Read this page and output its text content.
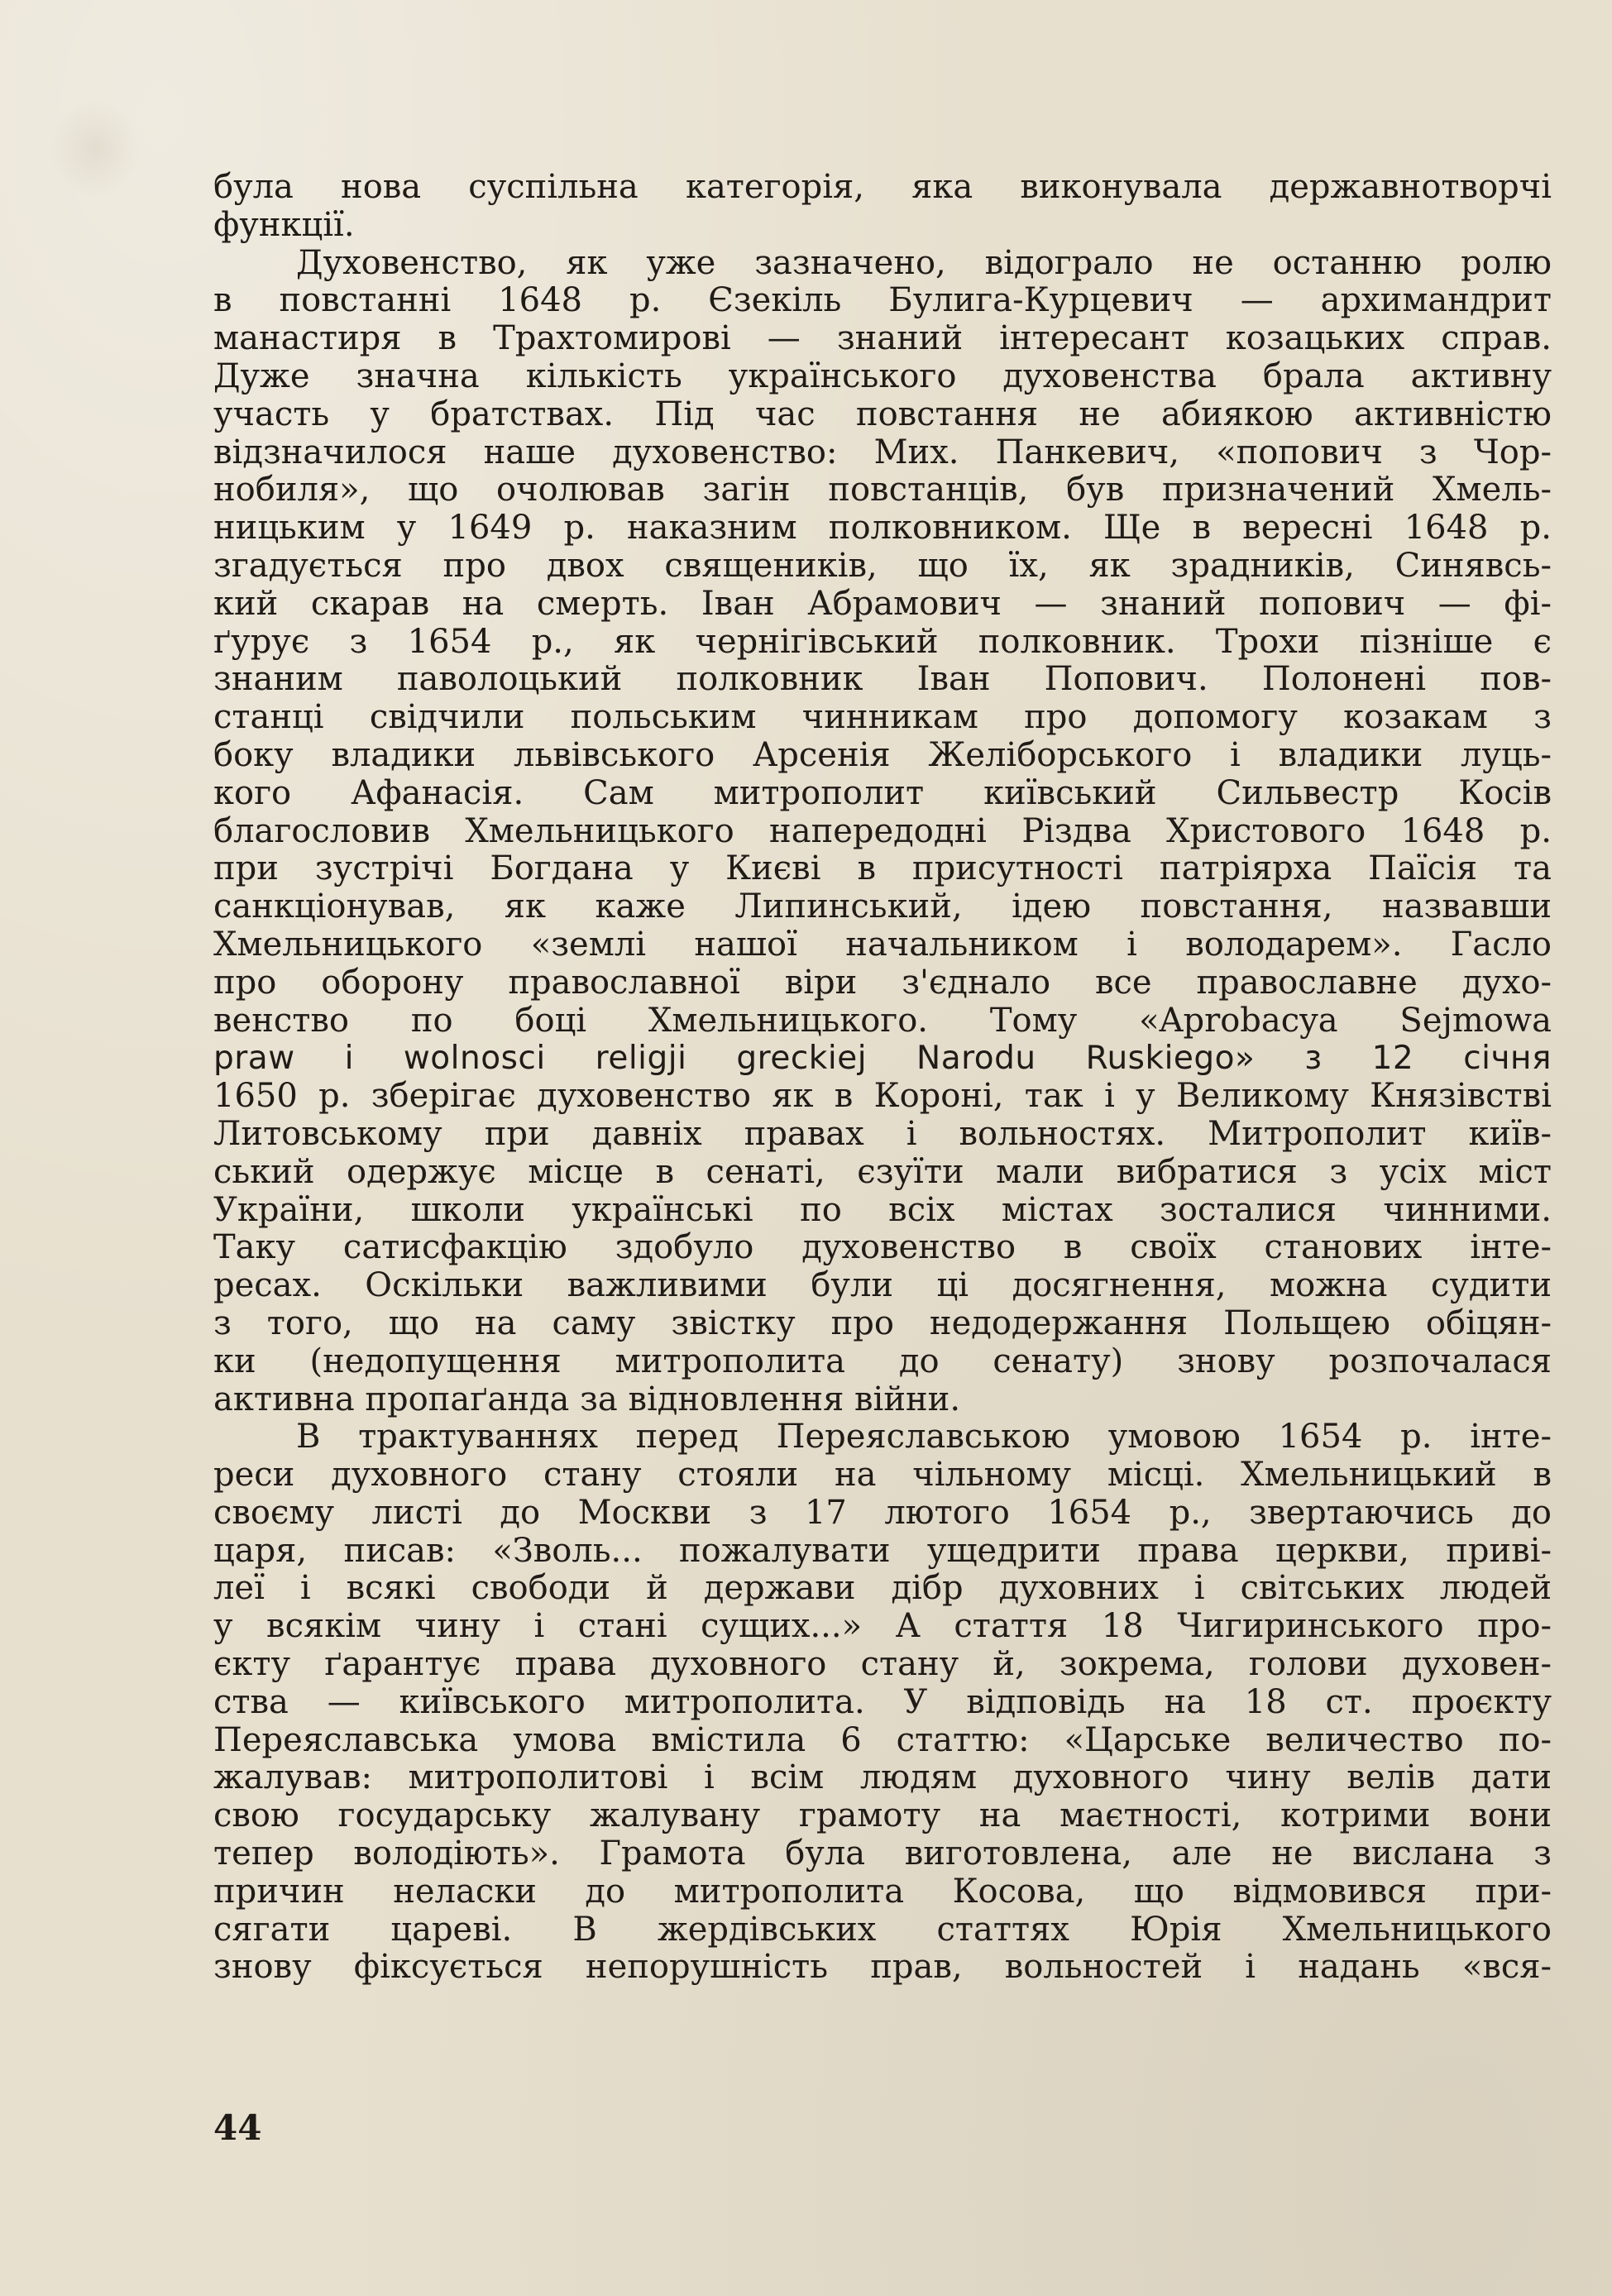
була нова суспільна категорія, яка виконувала державнотворчі
функції.
Духовенство, як уже зазначено, відограло не останню ролю
в повстанні 1648 р. Єзекіль Булига-Курцевич — архимандрит
манастиря в Трахтомирові — знаний інтересант козацьких справ.
Дуже значна кількість українського духовенства брала активну
участь у братствах. Під час повстання не абиякою активністю
відзначилося наше духовенство: Мих. Панкевич, «попович з Чор-
нобиля», що очолював загін повстанців, був призначений Хмель-
ницьким у 1649 р. наказним полковником. Ще в вересні 1648 р.
згадується про двох священиків, що їх, як зрадників, Синявсь-
кий скарав на смерть. Іван Абрамович — знаний попович — фі-
ґурує з 1654 р., як чернігівський полковник. Трохи пізніше є
знаним паволоцький полковник Іван Попович. Полонені пов-
станці свідчили польським чинникам про допомогу козакам з
боку владики львівського Арсенія Желіборського і владики луць-
кого Афанасія. Сам митрополит київський Сильвестр Косів
благословив Хмельницького напередодні Різдва Христового 1648 р.
при зустрічі Богдана у Києві в присутності патріярха Паїсія та
санкціонував, як каже Липинський, ідею повстання, назвавши
Хмельницького «землі нашої начальником і володарем». Гасло
про оборону православної віри з'єднало все православне духо-
венство по боці Хмельницького. Тому «Aprobacya Sejmowa
praw i wolnosci religji greckiej Narodu Ruskiego» з 12 січня
1650 р. зберігає духовенство як в Короні, так і у Великому Князівстві
Литовському при давніх правах і вольностях. Митрополит київ-
ський одержує місце в сенаті, єзуїти мали вибратися з усіх міст
України, школи українські по всіх містах зосталися чинними.
Таку сатисфакцію здобуло духовенство в своїх станових інте-
ресах. Оскільки важливими були ці досягнення, можна судити
з того, що на саму звістку про недодержання Польщею обіцян-
ки (недопущення митрополита до сенату) знову розпочалася
активна пропаґанда за відновлення війни.
В трактуваннях перед Переяславською умовою 1654 р. інте-
реси духовного стану стояли на чільному місці. Хмельницький в
своєму листі до Москви з 17 лютого 1654 р., звертаючись до
царя, писав: «Зволь... пожалувати ущедрити права церкви, приві-
леї і всякі свободи й держави дібр духовних і світських людей
у всякім чину і стані сущих...» А стаття 18 Чигиринського про-
єкту ґарантує права духовного стану й, зокрема, голови духовен-
ства — київського митрополита. У відповідь на 18 ст. проєкту
Переяславська умова вмістила 6 статтю: «Царське величество по-
жалував: митрополитові і всім людям духовного чину велів дати
свою государську жалувану грамоту на маєтності, котрими вони
тепер володіють». Грамота була виготовлена, але не вислана з
причин неласки до митрополита Косова, що відмовився при-
сягати цареві. В жердівських статтях Юрія Хмельницького
знову фіксується непорушність прав, вольностей і надань «вся-
44
